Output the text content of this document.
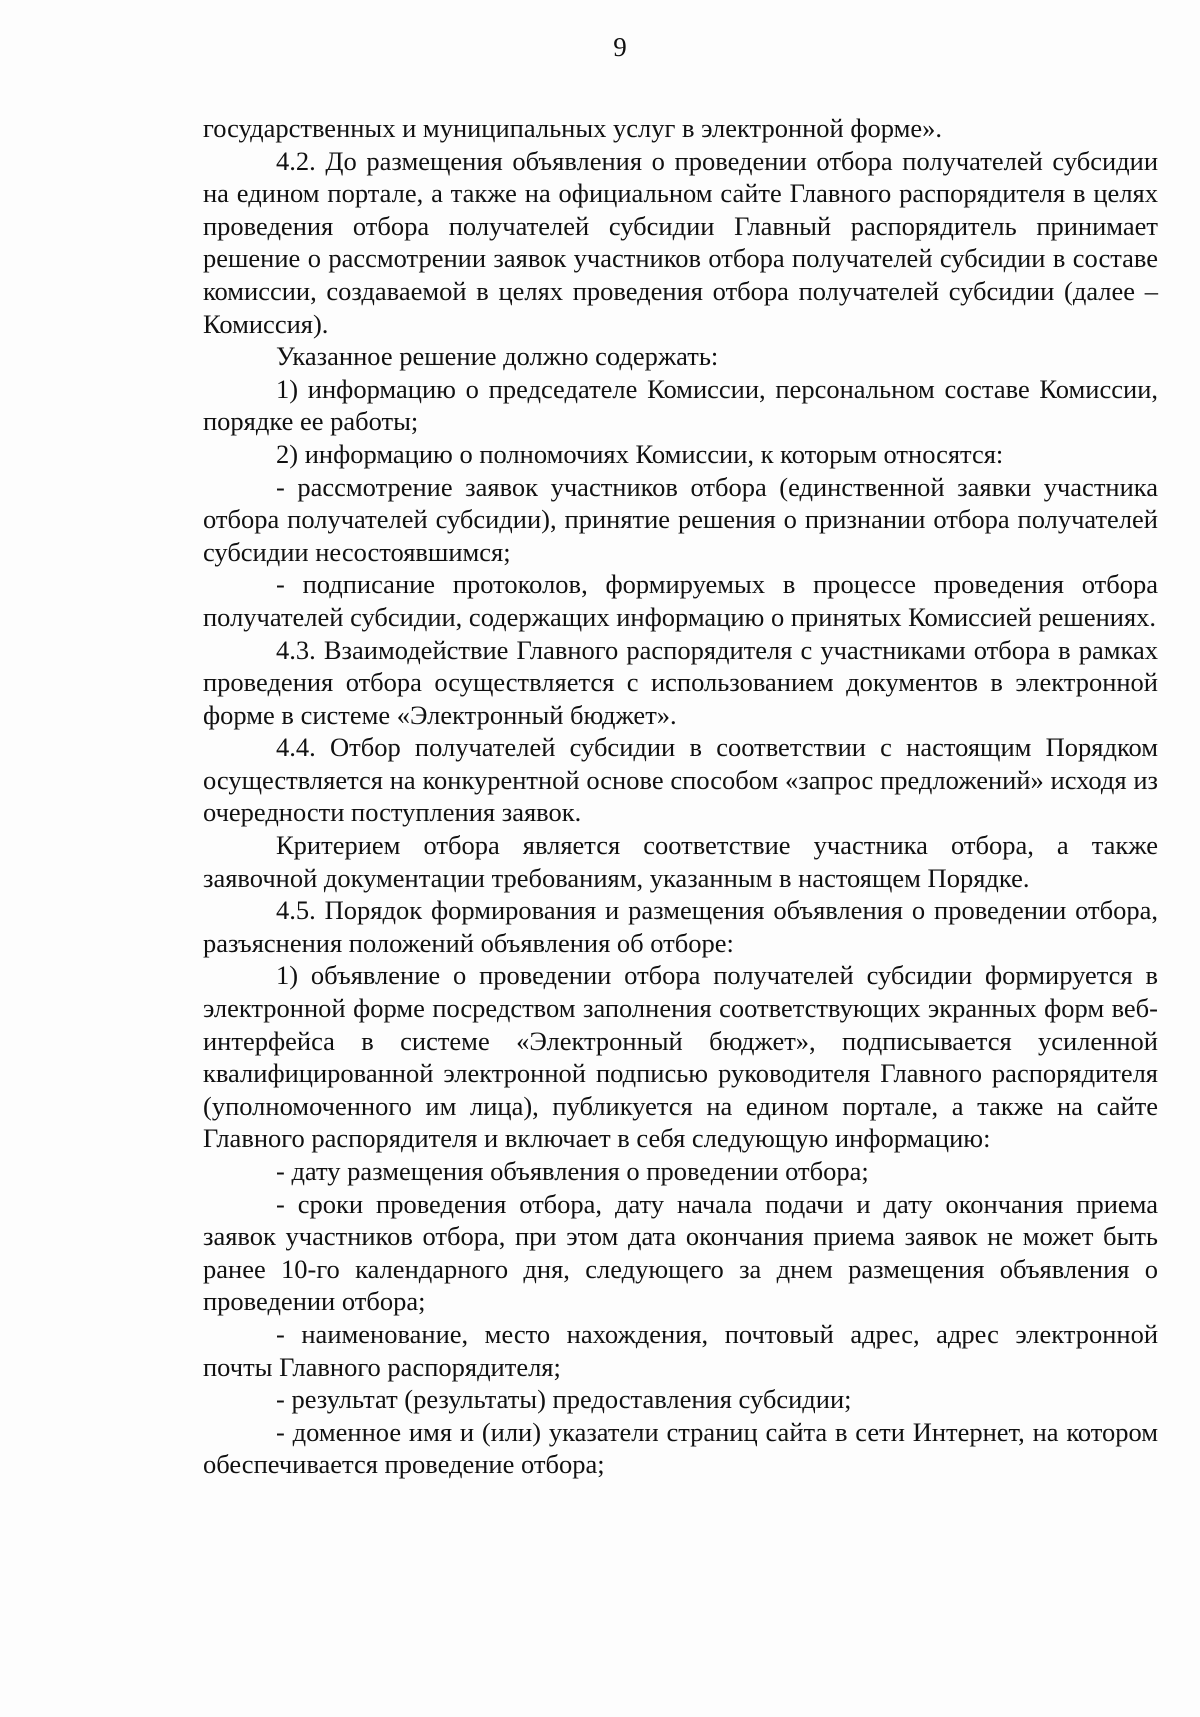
9

государственных и муниципальных услуг в электронной форме».

4.2. До размещения объявления о проведении отбора получателей субсидии на едином портале, а также на официальном сайте Главного распорядителя в целях проведения отбора получателей субсидии Главный распорядитель принимает решение о рассмотрении заявок участников отбора получателей субсидии в составе комиссии, создаваемой в целях проведения отбора получателей субсидии (далее – Комиссия).

Указанное решение должно содержать:

1) информацию о председателе Комиссии, персональном составе Комиссии, порядке ее работы;

2) информацию о полномочиях Комиссии, к которым относятся:

- рассмотрение заявок участников отбора (единственной заявки участника отбора получателей субсидии), принятие решения о признании отбора получателей субсидии несостоявшимся;

- подписание протоколов, формируемых в процессе проведения отбора получателей субсидии, содержащих информацию о принятых Комиссией решениях.

4.3. Взаимодействие Главного распорядителя с участниками отбора в рамках проведения отбора осуществляется с использованием документов в электронной форме в системе «Электронный бюджет».

4.4. Отбор получателей субсидии в соответствии с настоящим Порядком осуществляется на конкурентной основе способом «запрос предложений» исходя из очередности поступления заявок.

Критерием отбора является соответствие участника отбора, а также заявочной документации требованиям, указанным в настоящем Порядке.

4.5. Порядок формирования и размещения объявления о проведении отбора, разъяснения положений объявления об отборе:

1) объявление о проведении отбора получателей субсидии формируется в электронной форме посредством заполнения соответствующих экранных форм веб-интерфейса в системе «Электронный бюджет», подписывается усиленной квалифицированной электронной подписью руководителя Главного распорядителя (уполномоченного им лица), публикуется на едином портале, а также на сайте Главного распорядителя и включает в себя следующую информацию:

- дату размещения объявления о проведении отбора;

- сроки проведения отбора, дату начала подачи и дату окончания приема заявок участников отбора, при этом дата окончания приема заявок не может быть ранее 10-го календарного дня, следующего за днем размещения объявления о проведении отбора;

- наименование, место нахождения, почтовый адрес, адрес электронной почты Главного распорядителя;

- результат (результаты) предоставления субсидии;

- доменное имя и (или) указатели страниц сайта в сети Интернет, на котором обеспечивается проведение отбора;
